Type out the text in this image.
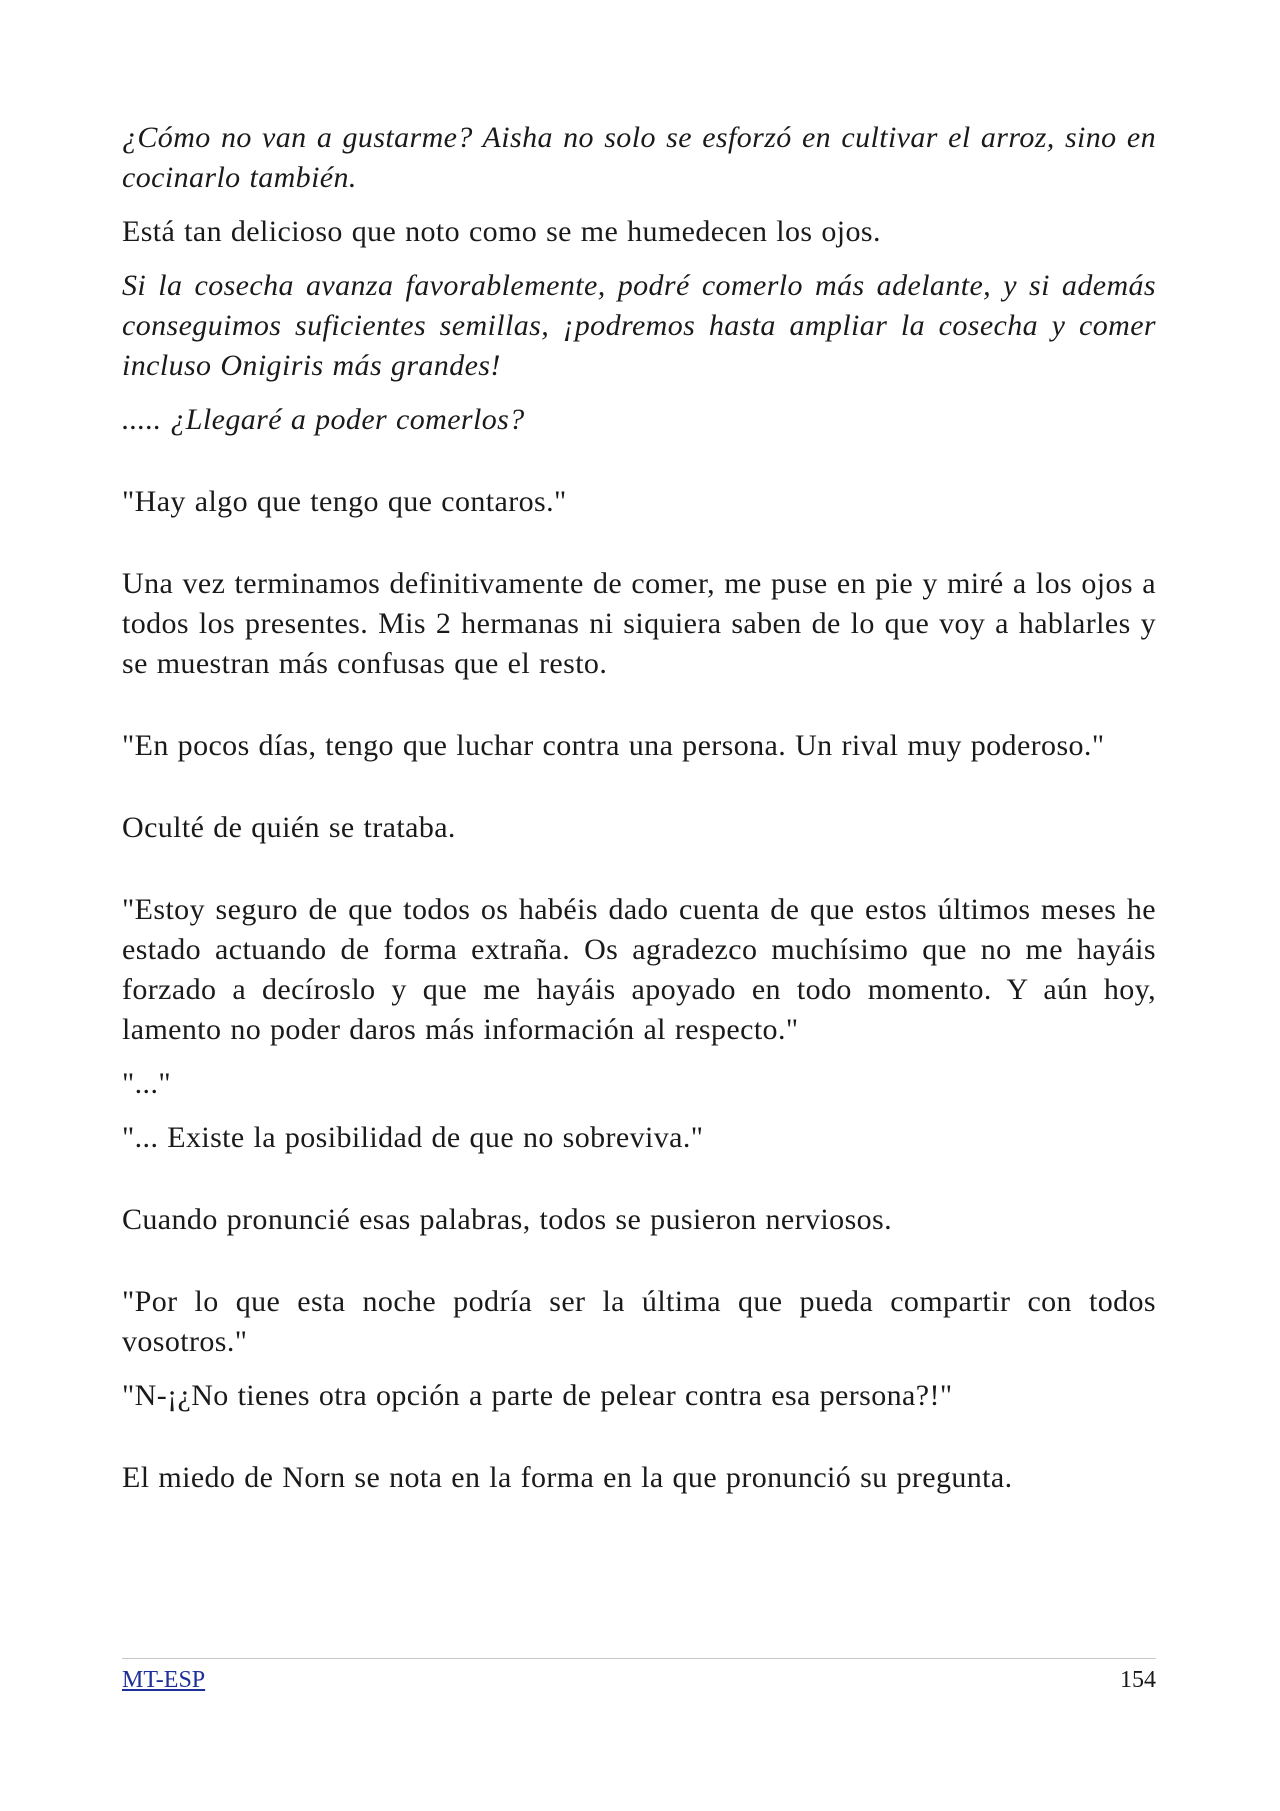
¿Cómo no van a gustarme? Aisha no solo se esforzó en cultivar el arroz, sino en cocinarlo también.

Está tan delicioso que noto como se me humedecen los ojos.

Si la cosecha avanza favorablemente, podré comerlo más adelante, y si además conseguimos suficientes semillas, ¡podremos hasta ampliar la cosecha y comer incluso Onigiris más grandes!

..... ¿Llegaré a poder comerlos?

"Hay algo que tengo que contaros."

Una vez terminamos definitivamente de comer, me puse en pie y miré a los ojos a todos los presentes. Mis 2 hermanas ni siquiera saben de lo que voy a hablarles y se muestran más confusas que el resto.

"En pocos días, tengo que luchar contra una persona. Un rival muy poderoso."

Oculté de quién se trataba.

"Estoy seguro de que todos os habéis dado cuenta de que estos últimos meses he estado actuando de forma extraña. Os agradezco muchísimo que no me hayáis forzado a decíroslo y que me hayáis apoyado en todo momento. Y aún hoy, lamento no poder daros más información al respecto."

"..."

"... Existe la posibilidad de que no sobreviva."

Cuando pronuncié esas palabras, todos se pusieron nerviosos.

"Por lo que esta noche podría ser la última que pueda compartir con todos vosotros."

"N-¡¿No tienes otra opción a parte de pelear contra esa persona?!"

El miedo de Norn se nota en la forma en la que pronunció su pregunta.

MT-ESP	154
